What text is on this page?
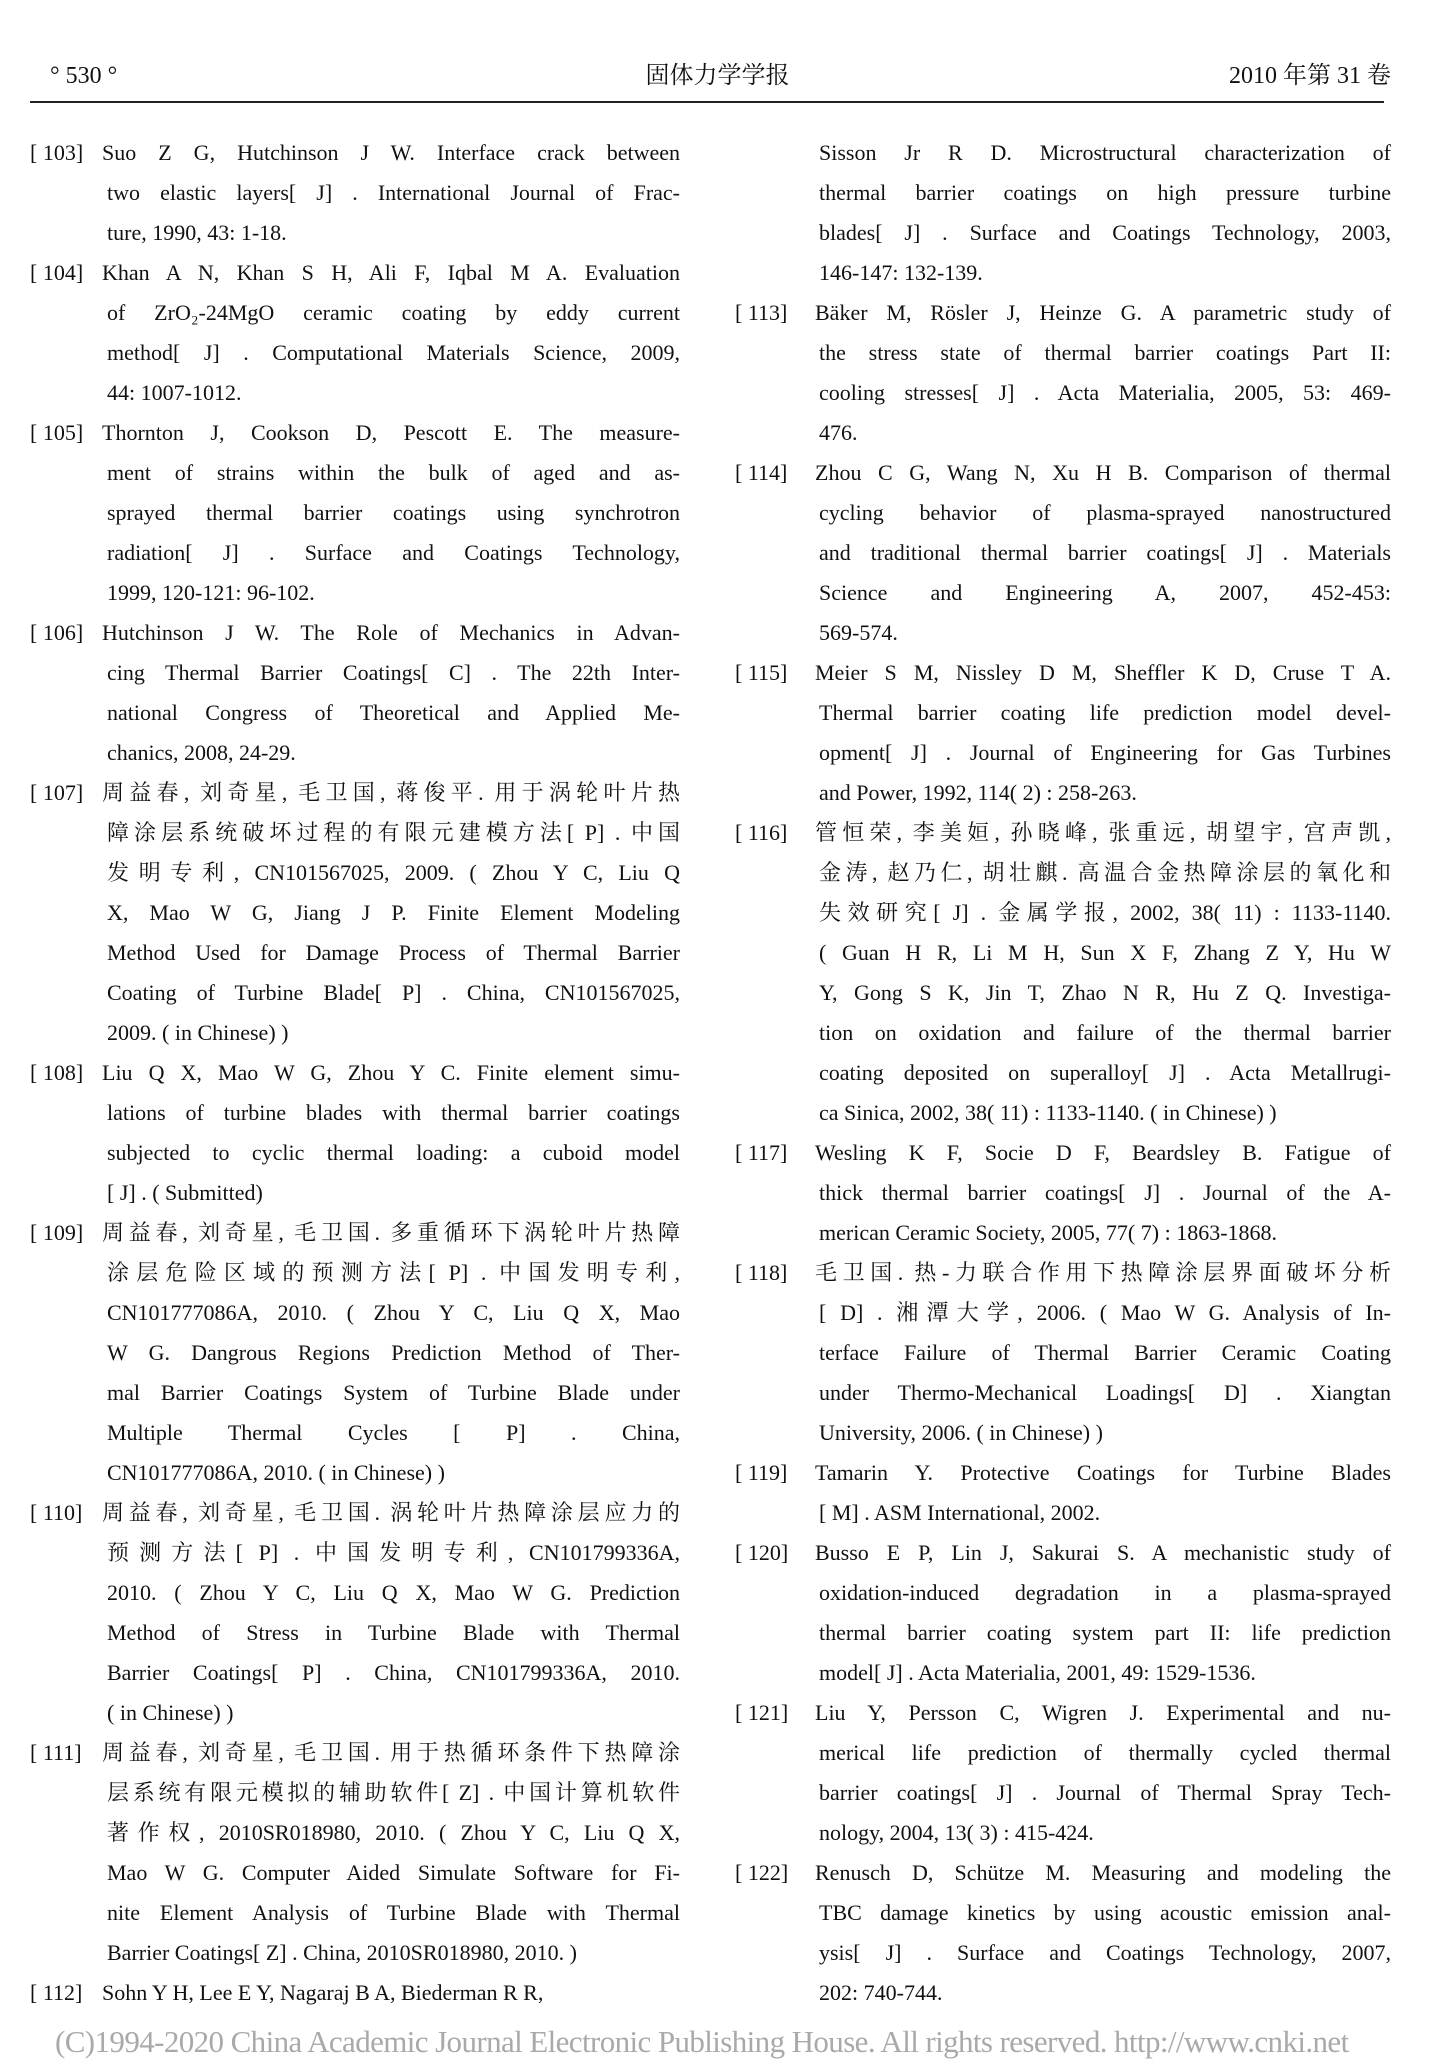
° 530 °	固体力学学报	2010 年第 31 卷
[ 103] Suo Z G, Hutchinson J W. Interface crack between
two elastic layers[ J] . International Journal of Frac-
ture, 1990, 43: 1-18.
[ 104] Khan A N, Khan S H, Ali F, Iqbal M A. Evaluation
of ZrO₂-24MgO ceramic coating by eddy current
method[ J] . Computational Materials Science, 2009,
44: 1007-1012.
[ 105] Thornton J, Cookson D, Pescott E. The measure-
ment of strains within the bulk of aged and as-
sprayed thermal barrier coatings using synchrotron
radiation[ J] . Surface and Coatings Technology,
1999, 120-121: 96-102.
[ 106] Hutchinson J W. The Role of Mechanics in Advan-
cing Thermal Barrier Coatings[ C] . The 22th Inter-
national Congress of Theoretical and Applied Me-
chanics, 2008, 24-29.
[ 107] 周益春, 刘奇星, 毛卫国, 蒋俊平. 用于涡轮叶片热
障涂层系统破坏过程的有限元建模方法[ P] . 中国
发明专利, CN101567025, 2009. ( Zhou Y C, Liu Q
X, Mao W G, Jiang J P. Finite Element Modeling
Method Used for Damage Process of Thermal Barrier
Coating of Turbine Blade[ P] . China, CN101567025,
2009. ( in Chinese) )
[ 108] Liu Q X, Mao W G, Zhou Y C. Finite element simu-
lations of turbine blades with thermal barrier coatings
subjected to cyclic thermal loading: a cuboid model
[ J] . ( Submitted)
[ 109] 周益春, 刘奇星, 毛卫国. 多重循环下涡轮叶片热障
涂层危险区域的预测方法[ P] . 中国发明专利,
CN101777086A, 2010. ( Zhou Y C, Liu Q X, Mao
W G. Dangrous Regions Prediction Method of Ther-
mal Barrier Coatings System of Turbine Blade under
Multiple Thermal Cycles [ P] . China,
CN101777086A, 2010. ( in Chinese) )
[ 110] 周益春, 刘奇星, 毛卫国. 涡轮叶片热障涂层应力的
预测方法[ P] . 中国发明专利, CN101799336A,
2010. ( Zhou Y C, Liu Q X, Mao W G. Prediction
Method of Stress in Turbine Blade with Thermal
Barrier Coatings[ P] . China, CN101799336A, 2010.
( in Chinese) )
[ 111] 周益春, 刘奇星, 毛卫国. 用于热循环条件下热障涂
层系统有限元模拟的辅助软件[ Z] . 中国计算机软件
著作权, 2010SR018980, 2010. ( Zhou Y C, Liu Q X,
Mao W G. Computer Aided Simulate Software for Fi-
nite Element Analysis of Turbine Blade with Thermal
Barrier Coatings[ Z] . China, 2010SR018980, 2010. )
[ 112] Sohn Y H, Lee E Y, Nagaraj B A, Biederman R R,
Sisson Jr R D. Microstructural characterization of
thermal barrier coatings on high pressure turbine
blades[ J] . Surface and Coatings Technology, 2003,
146-147: 132-139.
[ 113] Bäker M, Rösler J, Heinze G. A parametric study of
the stress state of thermal barrier coatings Part II:
cooling stresses[ J] . Acta Materialia, 2005, 53: 469-
476.
[ 114] Zhou C G, Wang N, Xu H B. Comparison of thermal
cycling behavior of plasma-sprayed nanostructured
and traditional thermal barrier coatings[ J] . Materials
Science and Engineering A, 2007, 452-453:
569-574.
[ 115] Meier S M, Nissley D M, Sheffler K D, Cruse T A.
Thermal barrier coating life prediction model devel-
opment[ J] . Journal of Engineering for Gas Turbines
and Power, 1992, 114( 2) : 258-263.
[ 116] 管恒荣, 李美姮, 孙晓峰, 张重远, 胡望宇, 宫声凯,
金涛, 赵乃仁, 胡壮麒. 高温合金热障涂层的氧化和
失效研究[ J] . 金属学报, 2002, 38( 11) : 1133-1140.
( Guan H R, Li M H, Sun X F, Zhang Z Y, Hu W
Y, Gong S K, Jin T, Zhao N R, Hu Z Q. Investiga-
tion on oxidation and failure of the thermal barrier
coating deposited on superalloy[ J] . Acta Metallrugi-
ca Sinica, 2002, 38( 11) : 1133-1140. ( in Chinese) )
[ 117] Wesling K F, Socie D F, Beardsley B. Fatigue of
thick thermal barrier coatings[ J] . Journal of the A-
merican Ceramic Society, 2005, 77( 7) : 1863-1868.
[ 118] 毛卫国. 热-力联合作用下热障涂层界面破坏分析
[ D] . 湘潭大学, 2006. ( Mao W G. Analysis of In-
terface Failure of Thermal Barrier Ceramic Coating
under Thermo-Mechanical Loadings[ D] . Xiangtan
University, 2006. ( in Chinese) )
[ 119] Tamarin Y. Protective Coatings for Turbine Blades
[ M] . ASM International, 2002.
[ 120] Busso E P, Lin J, Sakurai S. A mechanistic study of
oxidation-induced degradation in a plasma-sprayed
thermal barrier coating system part II: life prediction
model[ J] . Acta Materialia, 2001, 49: 1529-1536.
[ 121] Liu Y, Persson C, Wigren J. Experimental and nu-
merical life prediction of thermally cycled thermal
barrier coatings[ J] . Journal of Thermal Spray Tech-
nology, 2004, 13( 3) : 415-424.
[ 122] Renusch D, Schütze M. Measuring and modeling the
TBC damage kinetics by using acoustic emission anal-
ysis[ J] . Surface and Coatings Technology, 2007,
202: 740-744.
(C)1994-2020 China Academic Journal Electronic Publishing House. All rights reserved. http://www.cnki.net
